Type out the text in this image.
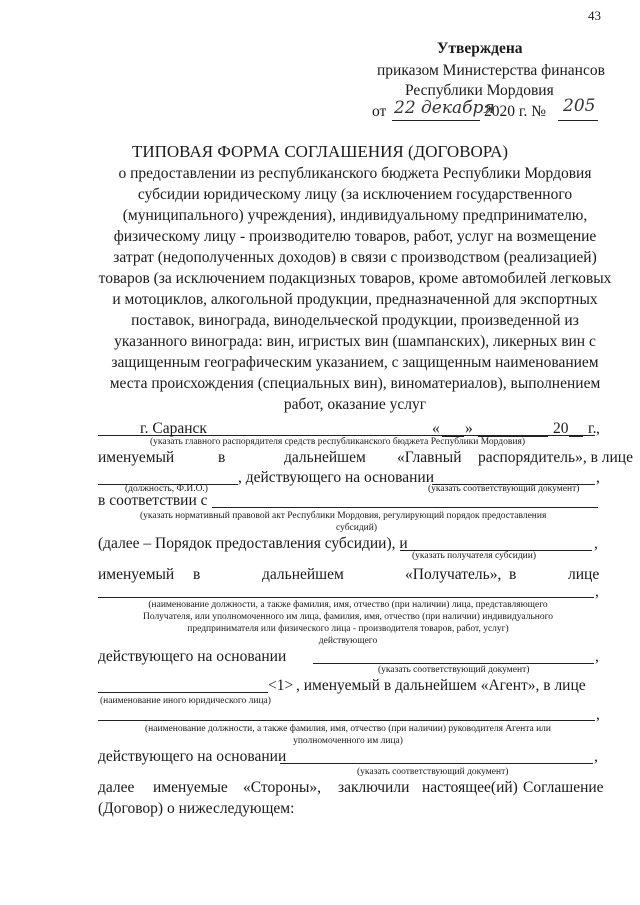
43
Утверждена
приказом Министерства финансов
Республики Мордовия
от 22 декабря
2020 г. № 205
ТИПОВАЯ ФОРМА СОГЛАШЕНИЯ (ДОГОВОРА)
о предоставлении из республиканского бюджета Республики Мордовия
субсидии юридическому лицу (за исключением государственного
(муниципального) учреждения), индивидуальному предпринимателю,
физическому лицу - производителю товаров, работ, услуг на возмещение
затрат (недополученных доходов) в связи с производством (реализацией)
товаров (за исключением подакцизных товаров, кроме автомобилей легковых
и мотоциклов, алкогольной продукции, предназначенной для экспортных
поставок, винограда, винодельческой продукции, произведенной из
указанного винограда: вин, игристых вин (шампанских), ликерных вин с
защищенным географическим указанием, с защищенным наименованием
места происхождения (специальных вин), виноматериалов), выполнением
работ, оказание услуг
г. Саранск	« »	20 г. ,
(указать главного распорядителя средств республиканского бюджета Республики Мордовия)
именуемый	в	дальнейшем «Главный распорядитель», в лице
, действующего на основании	,
(должность, Ф.И.О.)	(указать соответствующий документ)
в соответствии с
(указать нормативный правовой акт Республики Мордовия, регулирующий порядок предоставления
субсидий)
(далее – Порядок предоставления субсидии), и	,
(указать получателя субсидии)
именуемый в	дальнейшем	«Получатель», в	лице
,
(наименование должности, а также фамилия, имя, отчество (при наличии) лица, представляющего
Получателя, или уполномоченного им лица, фамилия, имя, отчество (при наличии) индивидуального
предпринимателя или физического лица - производителя товаров, работ, услуг)
действующего
действующего на основании	,
(указать соответствующий документ)
<1> , именуемый в дальнейшем «Агент», в лице
(наименование иного юридического лица)
,
(наименование должности, а также фамилия, имя, отчество (при наличии) руководителя Агента или
уполномоченного им лица)
действующего на основании	,
(указать соответствующий документ)
далее именуемые «Стороны», заключили настоящее(ий) Соглашение
(Договор) о нижеследующем:
